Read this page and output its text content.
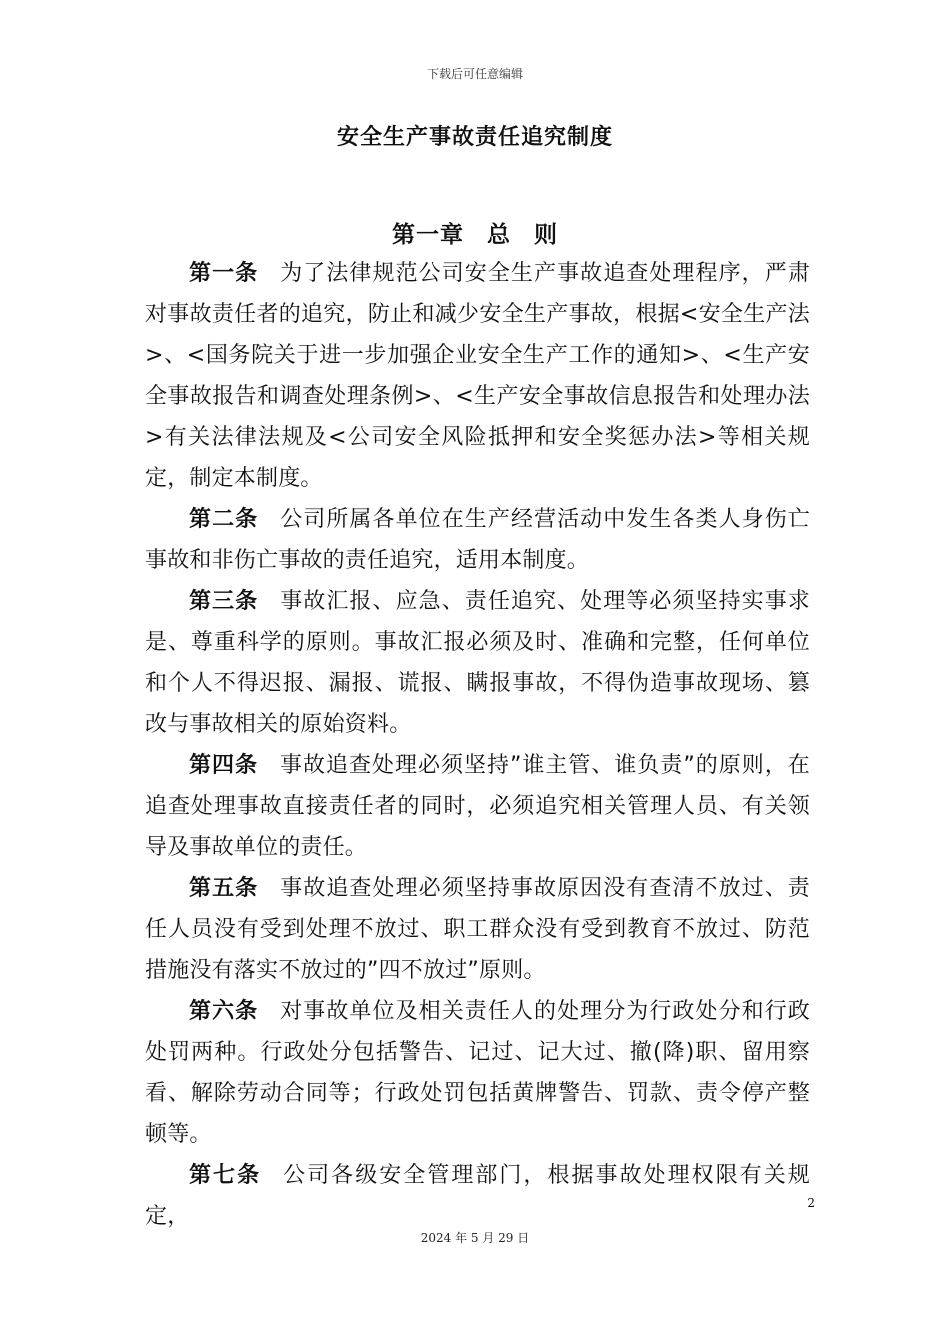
下载后可任意编辑
安全生产事故责任追究制度
第一章 总 则

第一条 为了法律规范公司安全生产事故追查处理程序，严肃对事故责任者的追究，防止和减少安全生产事故，根据<安全生产法>、<国务院关于进一步加强企业安全生产工作的通知>、<生产安全事故报告和调查处理条例>、<生产安全事故信息报告和处理办法>有关法律法规及<公司安全风险抵押和安全奖惩办法>等相关规定，制定本制度。

第二条 公司所属各单位在生产经营活动中发生各类人身伤亡事故和非伤亡事故的责任追究，适用本制度。

第三条 事故汇报、应急、责任追究、处理等必须坚持实事求是、尊重科学的原则。事故汇报必须及时、准确和完整，任何单位和个人不得迟报、漏报、谎报、瞒报事故，不得伪造事故现场、篡改与事故相关的原始资料。

第四条 事故追查处理必须坚持”谁主管、谁负责”的原则，在追查处理事故直接责任者的同时，必须追究相关管理人员、有关领导及事故单位的责任。

第五条 事故追查处理必须坚持事故原因没有查清不放过、责任人员没有受到处理不放过、职工群众没有受到教育不放过、防范措施没有落实不放过的”四不放过”原则。

第六条 对事故单位及相关责任人的处理分为行政处分和行政处罚两种。行政处分包括警告、记过、记大过、撤(降)职、留用察看、解除劳动合同等；行政处罚包括黄牌警告、罚款、责令停产整顿等。

第七条 公司各级安全管理部门，根据事故处理权限有关规定，

2
2024 年 5 月 29 日
